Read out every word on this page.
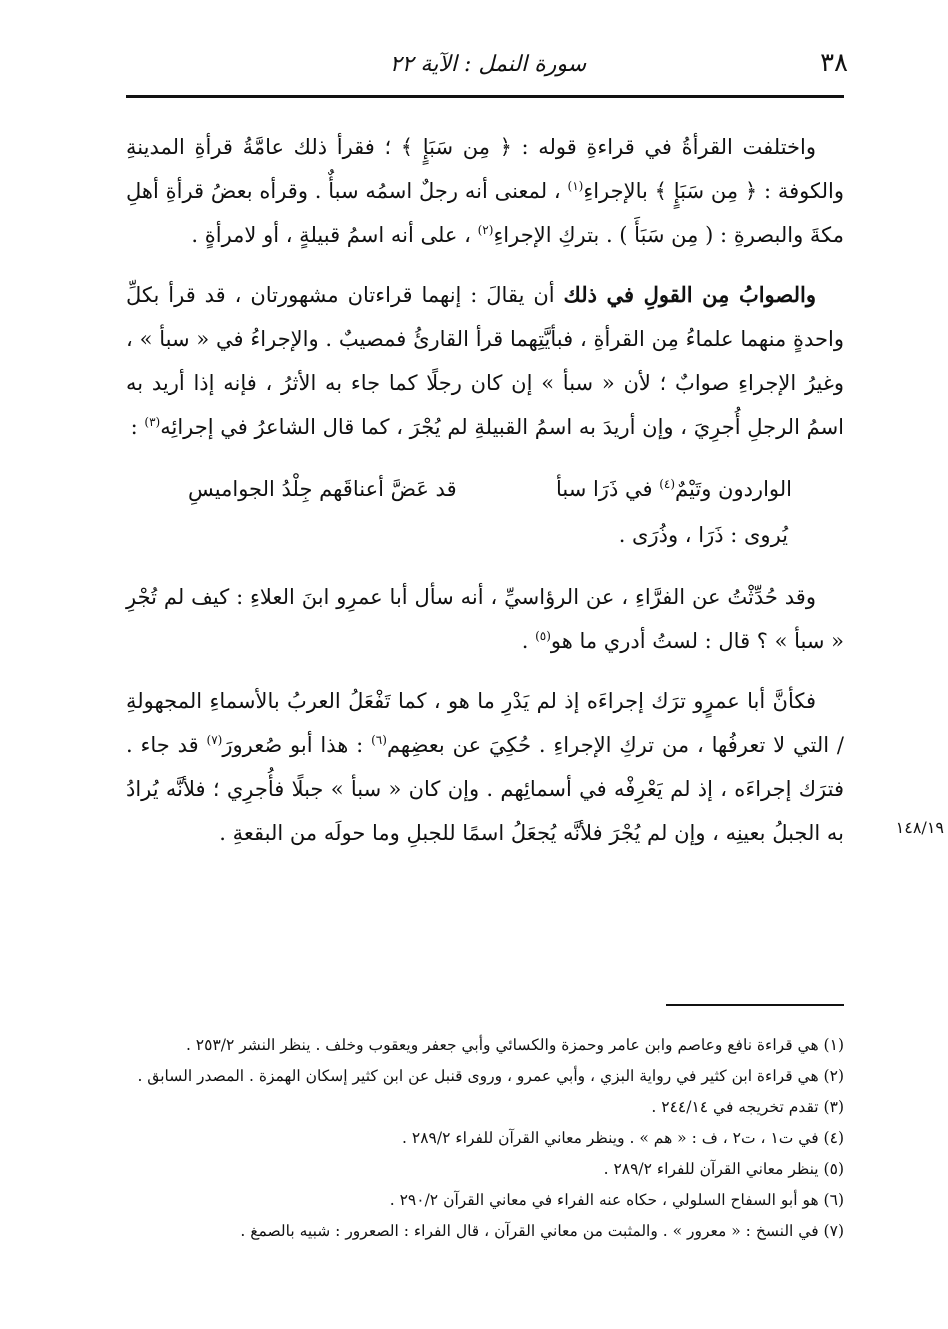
٣٨
سورة النمل : الآية ٢٢

واختلفت القرأةُ في قراءةِ قوله : ﴿ مِن سَبَإٍ ﴾ ؛ فقرأ ذلك عامَّةُ قرأةِ المدينةِ والكوفة : ﴿ مِن سَبَإٍ ﴾ بالإجراءِ$^{(١)}$ ، لمعنى أنه رجلٌ اسمُه سبأٌ . وقرأه بعضُ قرأةِ أهلِ مكةَ والبصرةِ : ( مِن سَبَأَ ) . بتركِ الإجراءِ$^{(٢)}$ ، على أنه اسمُ قبيلةٍ ، أو لامرأةٍ .

والصوابُ مِن القولِ في ذلك أن يقالَ : إنهما قراءتان مشهورتان ، قد قرأ بكلِّ واحدةٍ منهما علماءُ مِن القرأةِ ، فبأيَّتِهما قرأ القارئُ فمصيبٌ . والإجراءُ في « سبأ » ، وغيرُ الإجراءِ صوابٌ ؛ لأن « سبأ » إن كان رجلًا كما جاء به الأثرُ ، فإنه إذا أريد به اسمُ الرجلِ أُجرِيَ ، وإن أريدَ به اسمُ القبيلةِ لم يُجْرَ ، كما قال الشاعرُ في إجرائِه$^{(٣)}$ :

الواردون وتَيْمٌ$^{(٤)}$ في ذَرَا سبأ
قد عَضَّ أعناقَهم جِلْدُ الجواميسِ

يُروى : ذَرَا ، وذُرَى .

وقد حُدِّثْتُ عن الفرَّاءِ ، عن الرؤاسيِّ ، أنه سأل أبا عمرِو ابنَ العلاءِ : كيف لم تُجْرِ « سبأ » ؟ قال : لستُ أدري ما هو$^{(٥)}$ .

فكأنَّ أبا عمرٍو ترَك إجراءَه إذ لم يَدْرِ ما هو ، كما تَفْعَلُ العربُ بالأسماءِ المجهولةِ / التي لا تعرفُها ، من تركِ الإجراءِ . حُكِيَ عن بعضِهم$^{(٦)}$ : هذا أبو صُعرورَ$^{(٧)}$ قد جاء . فترَك إجراءَه ، إذ لم يَعْرِفْه في أسمائِهم . وإن كان « سبأ » جبلًا فأُجرِي ؛ فلأنَّه يُرادُ به الجبلُ بعينِه ، وإن لم يُجْرَ فلأنَّه يُجعَلُ اسمًا للجبلِ وما حولَه من البقعةِ .	١٤٨/١٩

(١) هي قراءة نافع وعاصم وابن عامر وحمزة والكسائي وأبي جعفر ويعقوب وخلف . ينظر النشر ٢٥٣/٢ .

(٢) هي قراءة ابن كثير في رواية البزي ، وأبي عمرو ، وروى قنبل عن ابن كثير إسكان الهمزة . المصدر السابق .

(٣) تقدم تخريجه في ٢٤٤/١٤ .

(٤) في ت١ ، ت٢ ، ف : « هم » . وينظر معاني القرآن للفراء ٢٨٩/٢ .

(٥) ينظر معاني القرآن للفراء ٢٨٩/٢ .

(٦) هو أبو السفاح السلولي ، حكاه عنه الفراء في معاني القرآن ٢٩٠/٢ .

(٧) في النسخ : « معرور » . والمثبت من معاني القرآن ، قال الفراء : الصعرور : شبيه بالصمغ .
